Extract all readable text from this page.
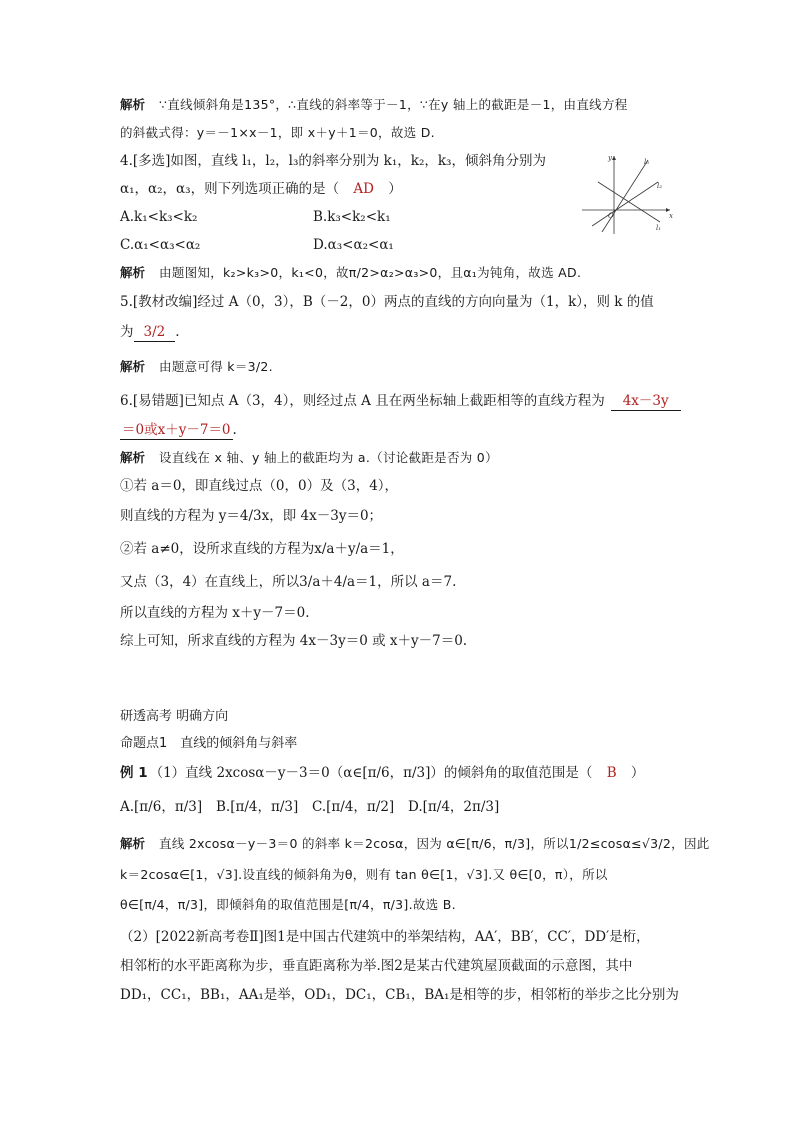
解析 ∵直线倾斜角是135°，∴直线的斜率等于－1，∵在y 轴上的截距是－1，由直线方程
的斜截式得：y＝－1×x－1，即 x＋y＋1＝0，故选 D.
4.[多选]如图，直线 l₁，l₂，l₃的斜率分别为 k₁，k₂，k₃，倾斜角分别为
α₁，α₂，α₃，则下列选项正确的是（ AD ）
A.k₁<k₃<k₂	B.k₃<k₂<k₁
C.α₁<α₃<α₂	D.α₃<α₂<α₁
y
x
O
l₃
l₂
l₁
解析 由题图知，k₂>k₃>0，k₁<0，故π/2>α₂>α₃>0，且α₁为钝角，故选 AD.
5.[教材改编]经过 A（0，3），B（－2，0）两点的直线的方向向量为（1，k），则 k 的值
为 3/2 .
解析 由题意可得 k＝3/2.
6.[易错题]已知点 A（3，4），则经过点 A 且在两坐标轴上截距相等的直线方程为 4x－3y
＝0或x＋y－7＝0 .
解析 设直线在 x 轴、y 轴上的截距均为 a.（讨论截距是否为 0）
①若 a＝0，即直线过点（0，0）及（3，4），
则直线的方程为 y＝4/3x，即 4x－3y＝0；
②若 a≠0，设所求直线的方程为x/a＋y/a＝1，
又点（3，4）在直线上，所以3/a＋4/a＝1，所以 a＝7.
所以直线的方程为 x＋y－7＝0.
综上可知，所求直线的方程为 4x－3y＝0 或 x＋y－7＝0.
研透高考 明确方向
命题点1　直线的倾斜角与斜率
例 1 （1）直线 2xcosα－y－3＝0（α∈[π/6，π/3]）的倾斜角的取值范围是（ B ）
A.[π/6，π/3] B.[π/4，π/3] C.[π/4，π/2] D.[π/4，2π/3]
解析 直线 2xcosα－y－3＝0 的斜率 k＝2cosα，因为 α∈[π/6，π/3]，所以1/2≤cosα≤√3/2，因此
k＝2cosα∈[1，√3].设直线的倾斜角为θ，则有 tan θ∈[1，√3].又 θ∈[0，π），所以
θ∈[π/4，π/3]，即倾斜角的取值范围是[π/4，π/3].故选 B.
（2）[2022新高考卷Ⅱ]图1是中国古代建筑中的举架结构，AA′，BB′，CC′，DD′是桁，
相邻桁的水平距离称为步，垂直距离称为举.图2是某古代建筑屋顶截面的示意图，其中
DD₁，CC₁，BB₁，AA₁是举，OD₁，DC₁，CB₁，BA₁是相等的步，相邻桁的举步之比分别为
